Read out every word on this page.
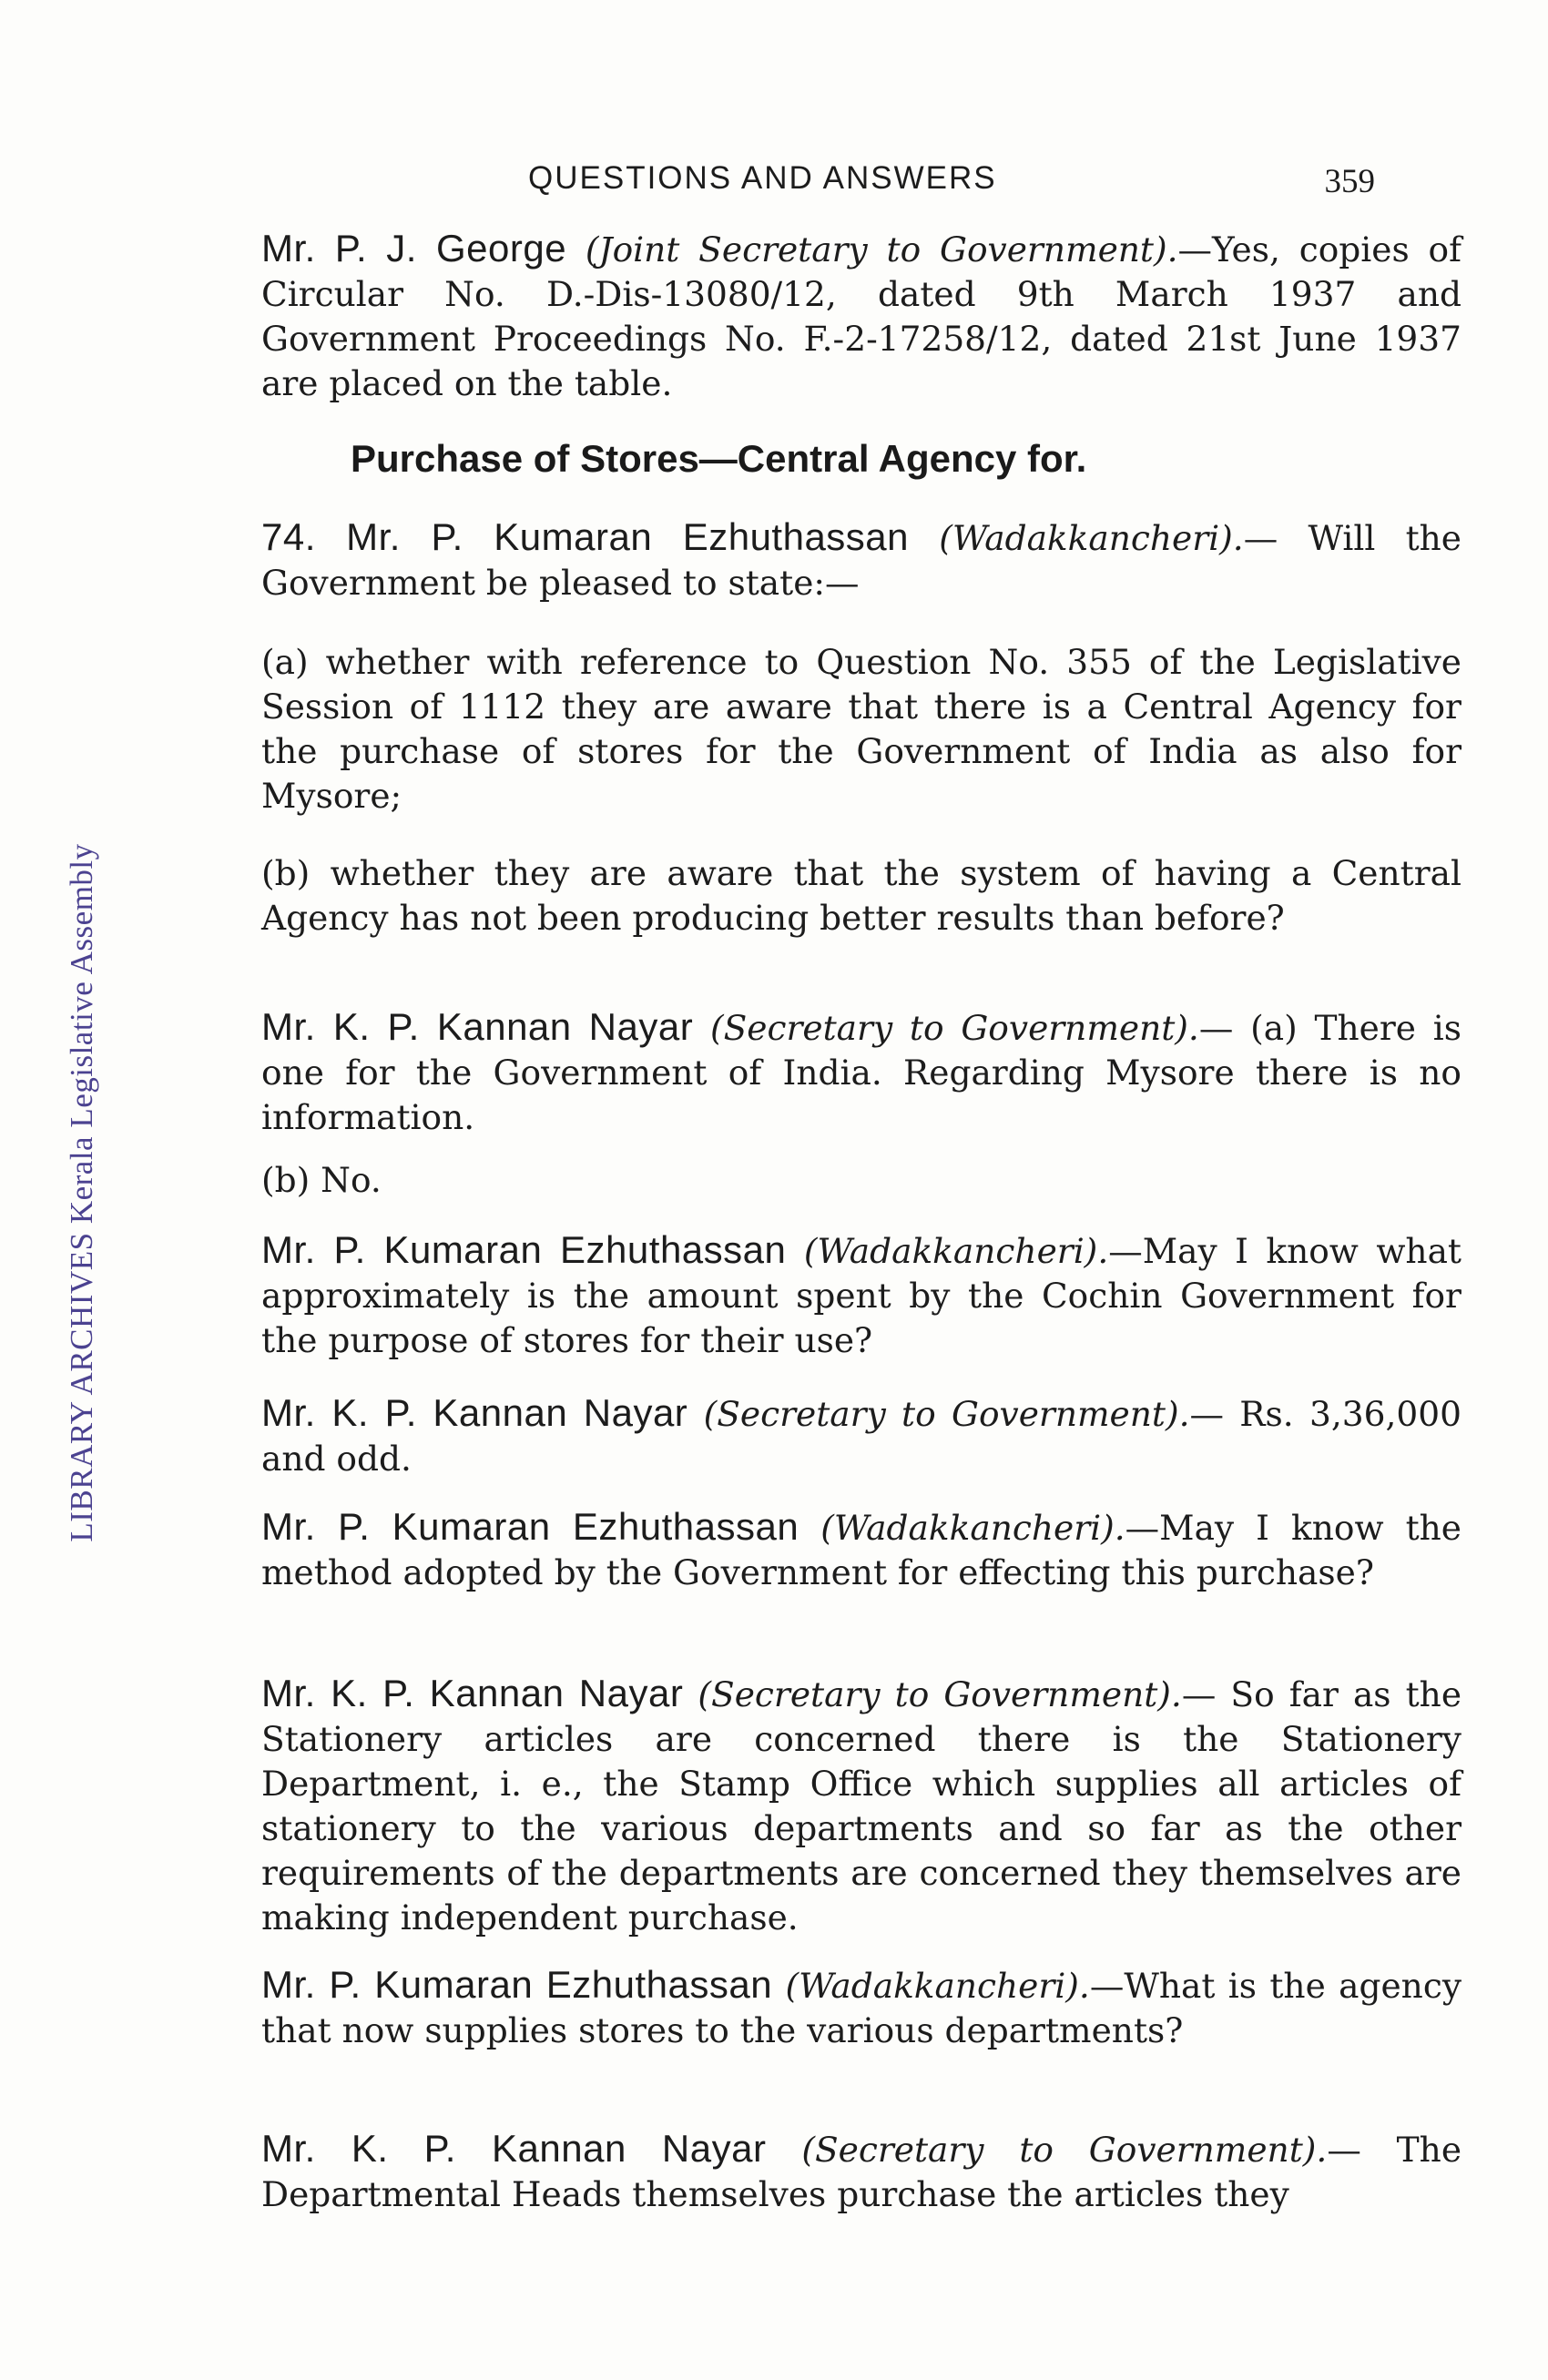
LIBRARY ARCHIVES Kerala Legislative Assembly
QUESTIONS AND ANSWERS	359

Mr. P. J. George (Joint Secretary to Government).—Yes, copies of Circular No. D.-Dis-13080/12, dated 9th March 1937 and Government Proceedings No. F.-2-17258/12, dated 21st June 1937 are placed on the table.

Purchase of Stores—Central Agency for.

74. Mr. P. Kumaran Ezhuthassan (Wadakkancheri).— Will the Government be pleased to state:—

(a) whether with reference to Question No. 355 of the Legislative Session of 1112 they are aware that there is a Central Agency for the purchase of stores for the Government of India as also for Mysore;

(b) whether they are aware that the system of having a Central Agency has not been producing better results than before?

Mr. K. P. Kannan Nayar (Secretary to Government).— (a) There is one for the Government of India. Regarding Mysore there is no information.

(b) No.

Mr. P. Kumaran Ezhuthassan (Wadakkancheri).—May I know what approximately is the amount spent by the Cochin Government for the purpose of stores for their use?

Mr. K. P. Kannan Nayar (Secretary to Government).— Rs. 3,36,000 and odd.

Mr. P. Kumaran Ezhuthassan (Wadakkancheri).—May I know the method adopted by the Government for effecting this purchase?

Mr. K. P. Kannan Nayar (Secretary to Government).— So far as the Stationery articles are concerned there is the Stationery Department, i. e., the Stamp Office which supplies all articles of stationery to the various departments and so far as the other requirements of the departments are concerned they themselves are making independent purchase.

Mr. P. Kumaran Ezhuthassan (Wadakkancheri).—What is the agency that now supplies stores to the various departments?

Mr. K. P. Kannan Nayar (Secretary to Government).— The Departmental Heads themselves purchase the articles they
